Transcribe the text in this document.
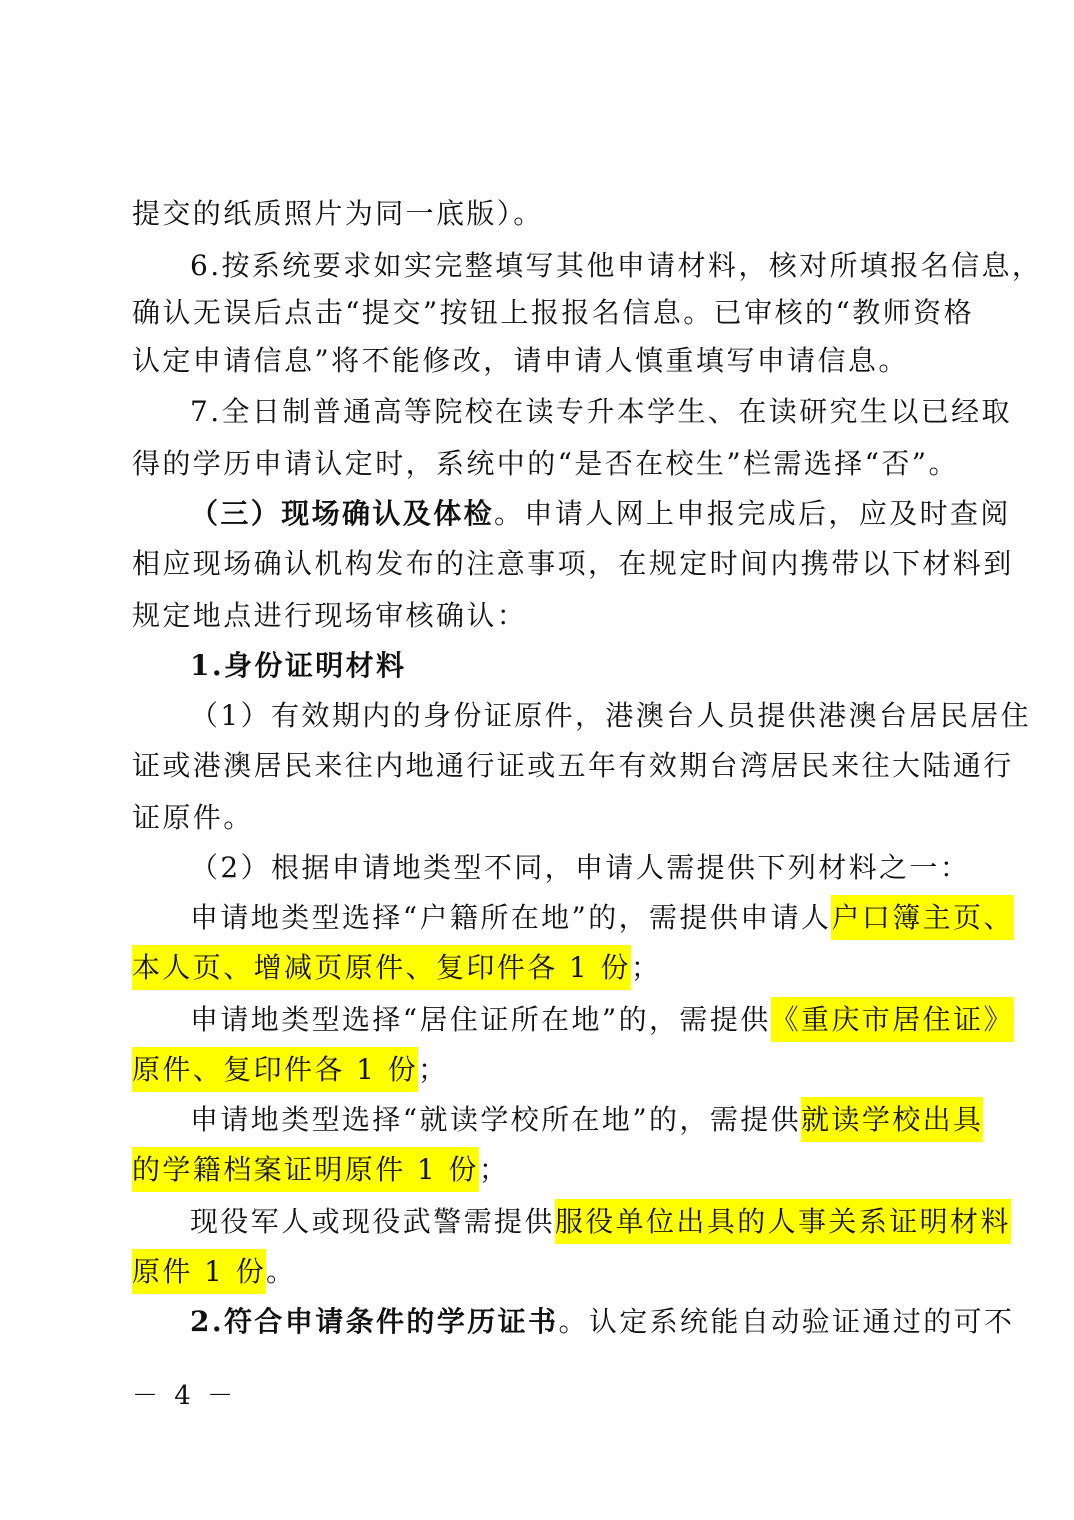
提交的纸质照片为同一底版）。
6.按系统要求如实完整填写其他申请材料，核对所填报名信息，
确认无误后点击“提交”按钮上报报名信息。已审核的“教师资格
认定申请信息”将不能修改，请申请人慎重填写申请信息。
7.全日制普通高等院校在读专升本学生、在读研究生以已经取
得的学历申请认定时，系统中的“是否在校生”栏需选择“否”。
（三）现场确认及体检。申请人网上申报完成后，应及时查阅
相应现场确认机构发布的注意事项，在规定时间内携带以下材料到
规定地点进行现场审核确认：
1.身份证明材料
（1）有效期内的身份证原件，港澳台人员提供港澳台居民居住
证或港澳居民来往内地通行证或五年有效期台湾居民来往大陆通行
证原件。
（2）根据申请地类型不同，申请人需提供下列材料之一：
申请地类型选择“户籍所在地”的，需提供申请人户口簿主页、
本人页、增减页原件、复印件各 1 份；
申请地类型选择“居住证所在地”的，需提供《重庆市居住证》
原件、复印件各 1 份；
申请地类型选择“就读学校所在地”的，需提供就读学校出具
的学籍档案证明原件 1 份；
现役军人或现役武警需提供服役单位出具的人事关系证明材料
原件 1 份。
2.符合申请条件的学历证书。认定系统能自动验证通过的可不
－ 4 －
